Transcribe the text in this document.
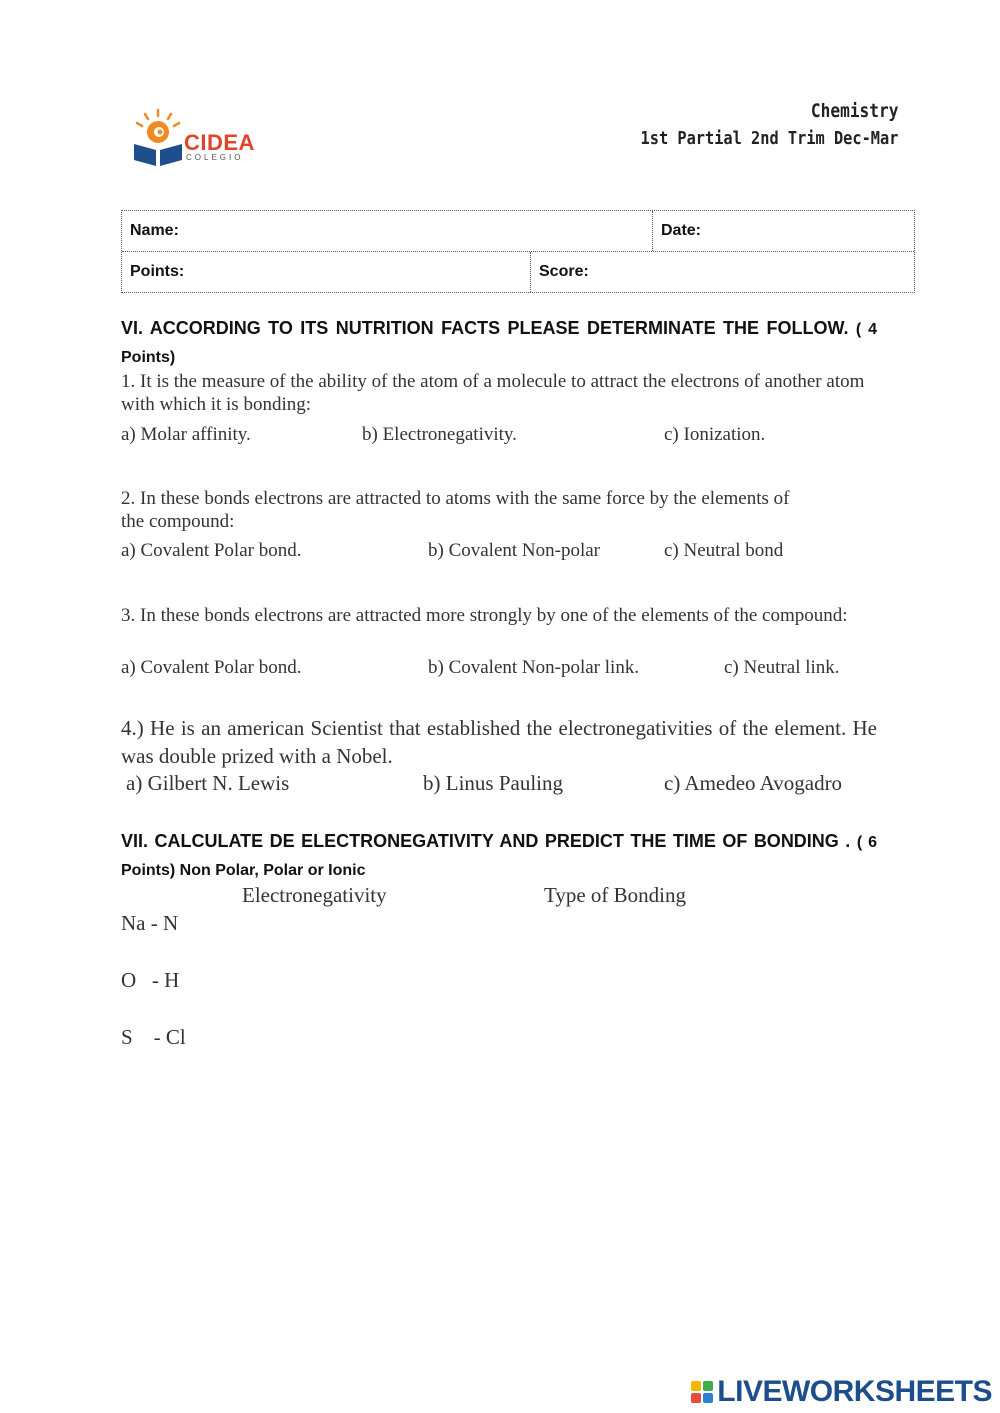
CIDEA
COLEGIO
Chemistry
1st Partial 2nd Trim Dec-Mar
Name:	Date:
Points:	Score:
VI. ACCORDING TO ITS NUTRITION FACTS PLEASE DETERMINATE THE FOLLOW. ( 4 Points)
1. It is the measure of the ability of the atom of a molecule to attract the electrons of another atom with which it is bonding:
a) Molar affinity.	b) Electronegativity.	c) Ionization.
2. In these bonds electrons are attracted to atoms with the same force by the elements of the compound:
a) Covalent Polar bond.	b) Covalent Non-polar	c) Neutral bond
3. In these bonds electrons are attracted more strongly by one of the elements of the compound:
a) Covalent Polar bond.	b) Covalent Non-polar link.	c) Neutral link.
4.) He is an american Scientist that established the electronegativities of the element. He was double prized with a Nobel.
a) Gilbert N. Lewis	b) Linus Pauling	c) Amedeo Avogadro
VII. CALCULATE DE ELECTRONEGATIVITY AND PREDICT THE TIME OF BONDING . ( 6 Points) Non Polar, Polar or Ionic
Electronegativity	Type of Bonding
Na - N
O   - H
S    - Cl
LIVEWORKSHEETS
